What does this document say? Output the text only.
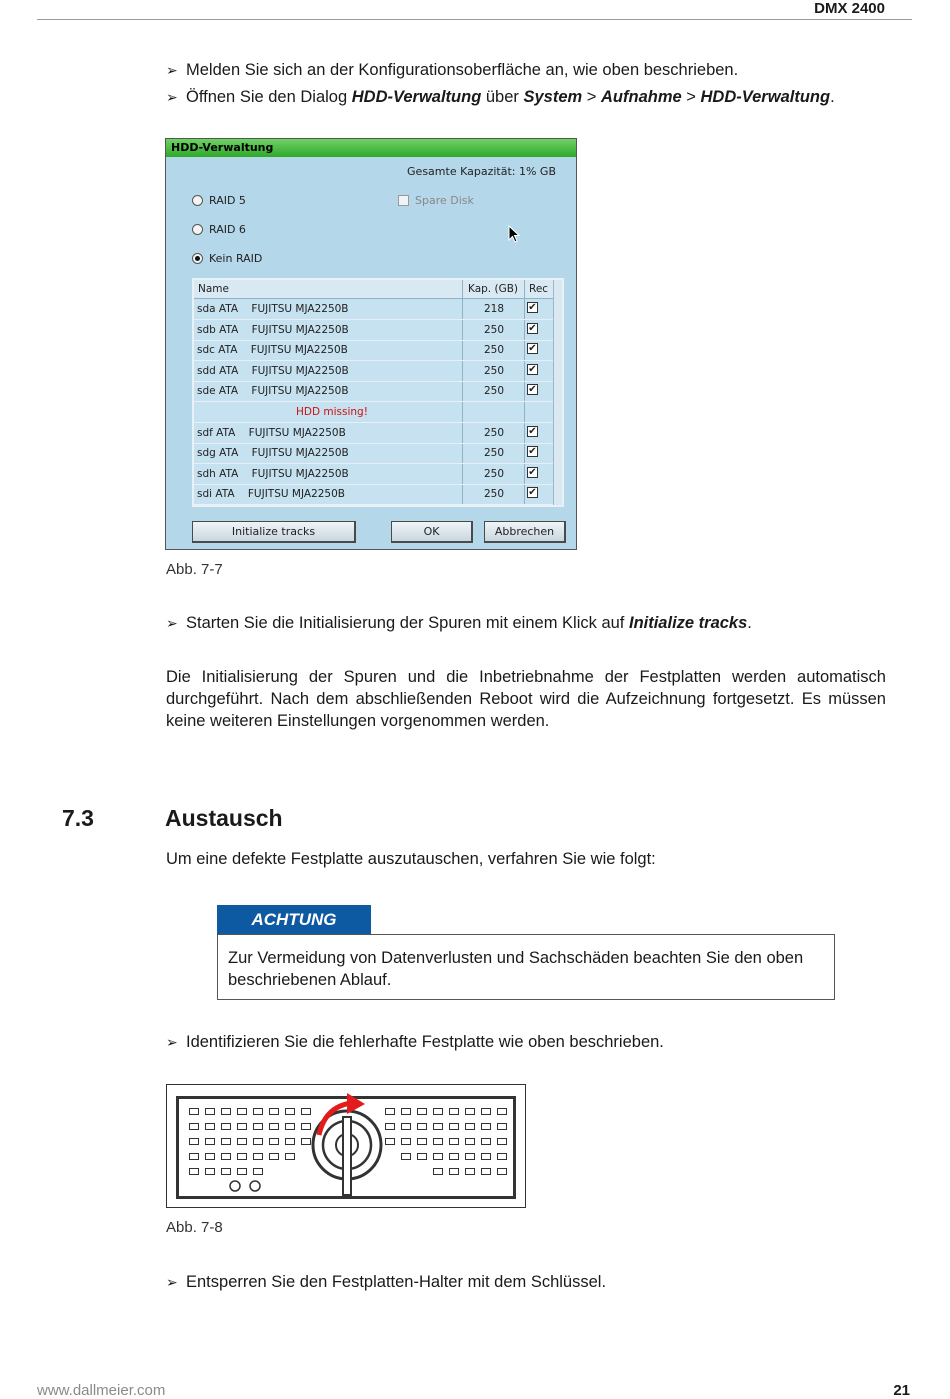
DMX 2400
➢ Melden Sie sich an der Konfigurationsoberfläche an, wie oben beschrieben.
➢ Öffnen Sie den Dialog HDD-Verwaltung über System > Aufnahme > HDD-Verwaltung.
HDD-Verwaltung
Gesamte Kapazität: 1% GB
RAID 5
RAID 6
Kein RAID
Spare Disk
Name	Kap. (GB) Rec
sda ATA    FUJITSU MJA2250B	218 ✔
sdb ATA    FUJITSU MJA2250B	250 ✔
sdc ATA    FUJITSU MJA2250B	250 ✔
sdd ATA    FUJITSU MJA2250B	250 ✔
sde ATA    FUJITSU MJA2250B	250 ✔
HDD missing!
sdf ATA    FUJITSU MJA2250B	250 ✔
sdg ATA    FUJITSU MJA2250B	250 ✔
sdh ATA    FUJITSU MJA2250B	250 ✔
sdi ATA    FUJITSU MJA2250B	250 ✔
Initialize tracks	OK	Abbrechen
Abb. 7-7
➢ Starten Sie die Initialisierung der Spuren mit einem Klick auf Initialize tracks.
Die Initialisierung der Spuren und die Inbetriebnahme der Festplatten werden automatisch durchgeführt. Nach dem abschließenden Reboot wird die Aufzeichnung fortgesetzt. Es müssen keine weiteren Einstellungen vorgenommen werden.
7.3	Austausch
Um eine defekte Festplatte auszutauschen, verfahren Sie wie folgt:
ACHTUNG
Zur Vermeidung von Datenverlusten und Sachschäden beachten Sie den oben beschriebenen Ablauf.
➢ Identifizieren Sie die fehlerhafte Festplatte wie oben beschrieben.
Abb. 7-8
➢ Entsperren Sie den Festplatten-Halter mit dem Schlüssel.
www.dallmeier.com	21
